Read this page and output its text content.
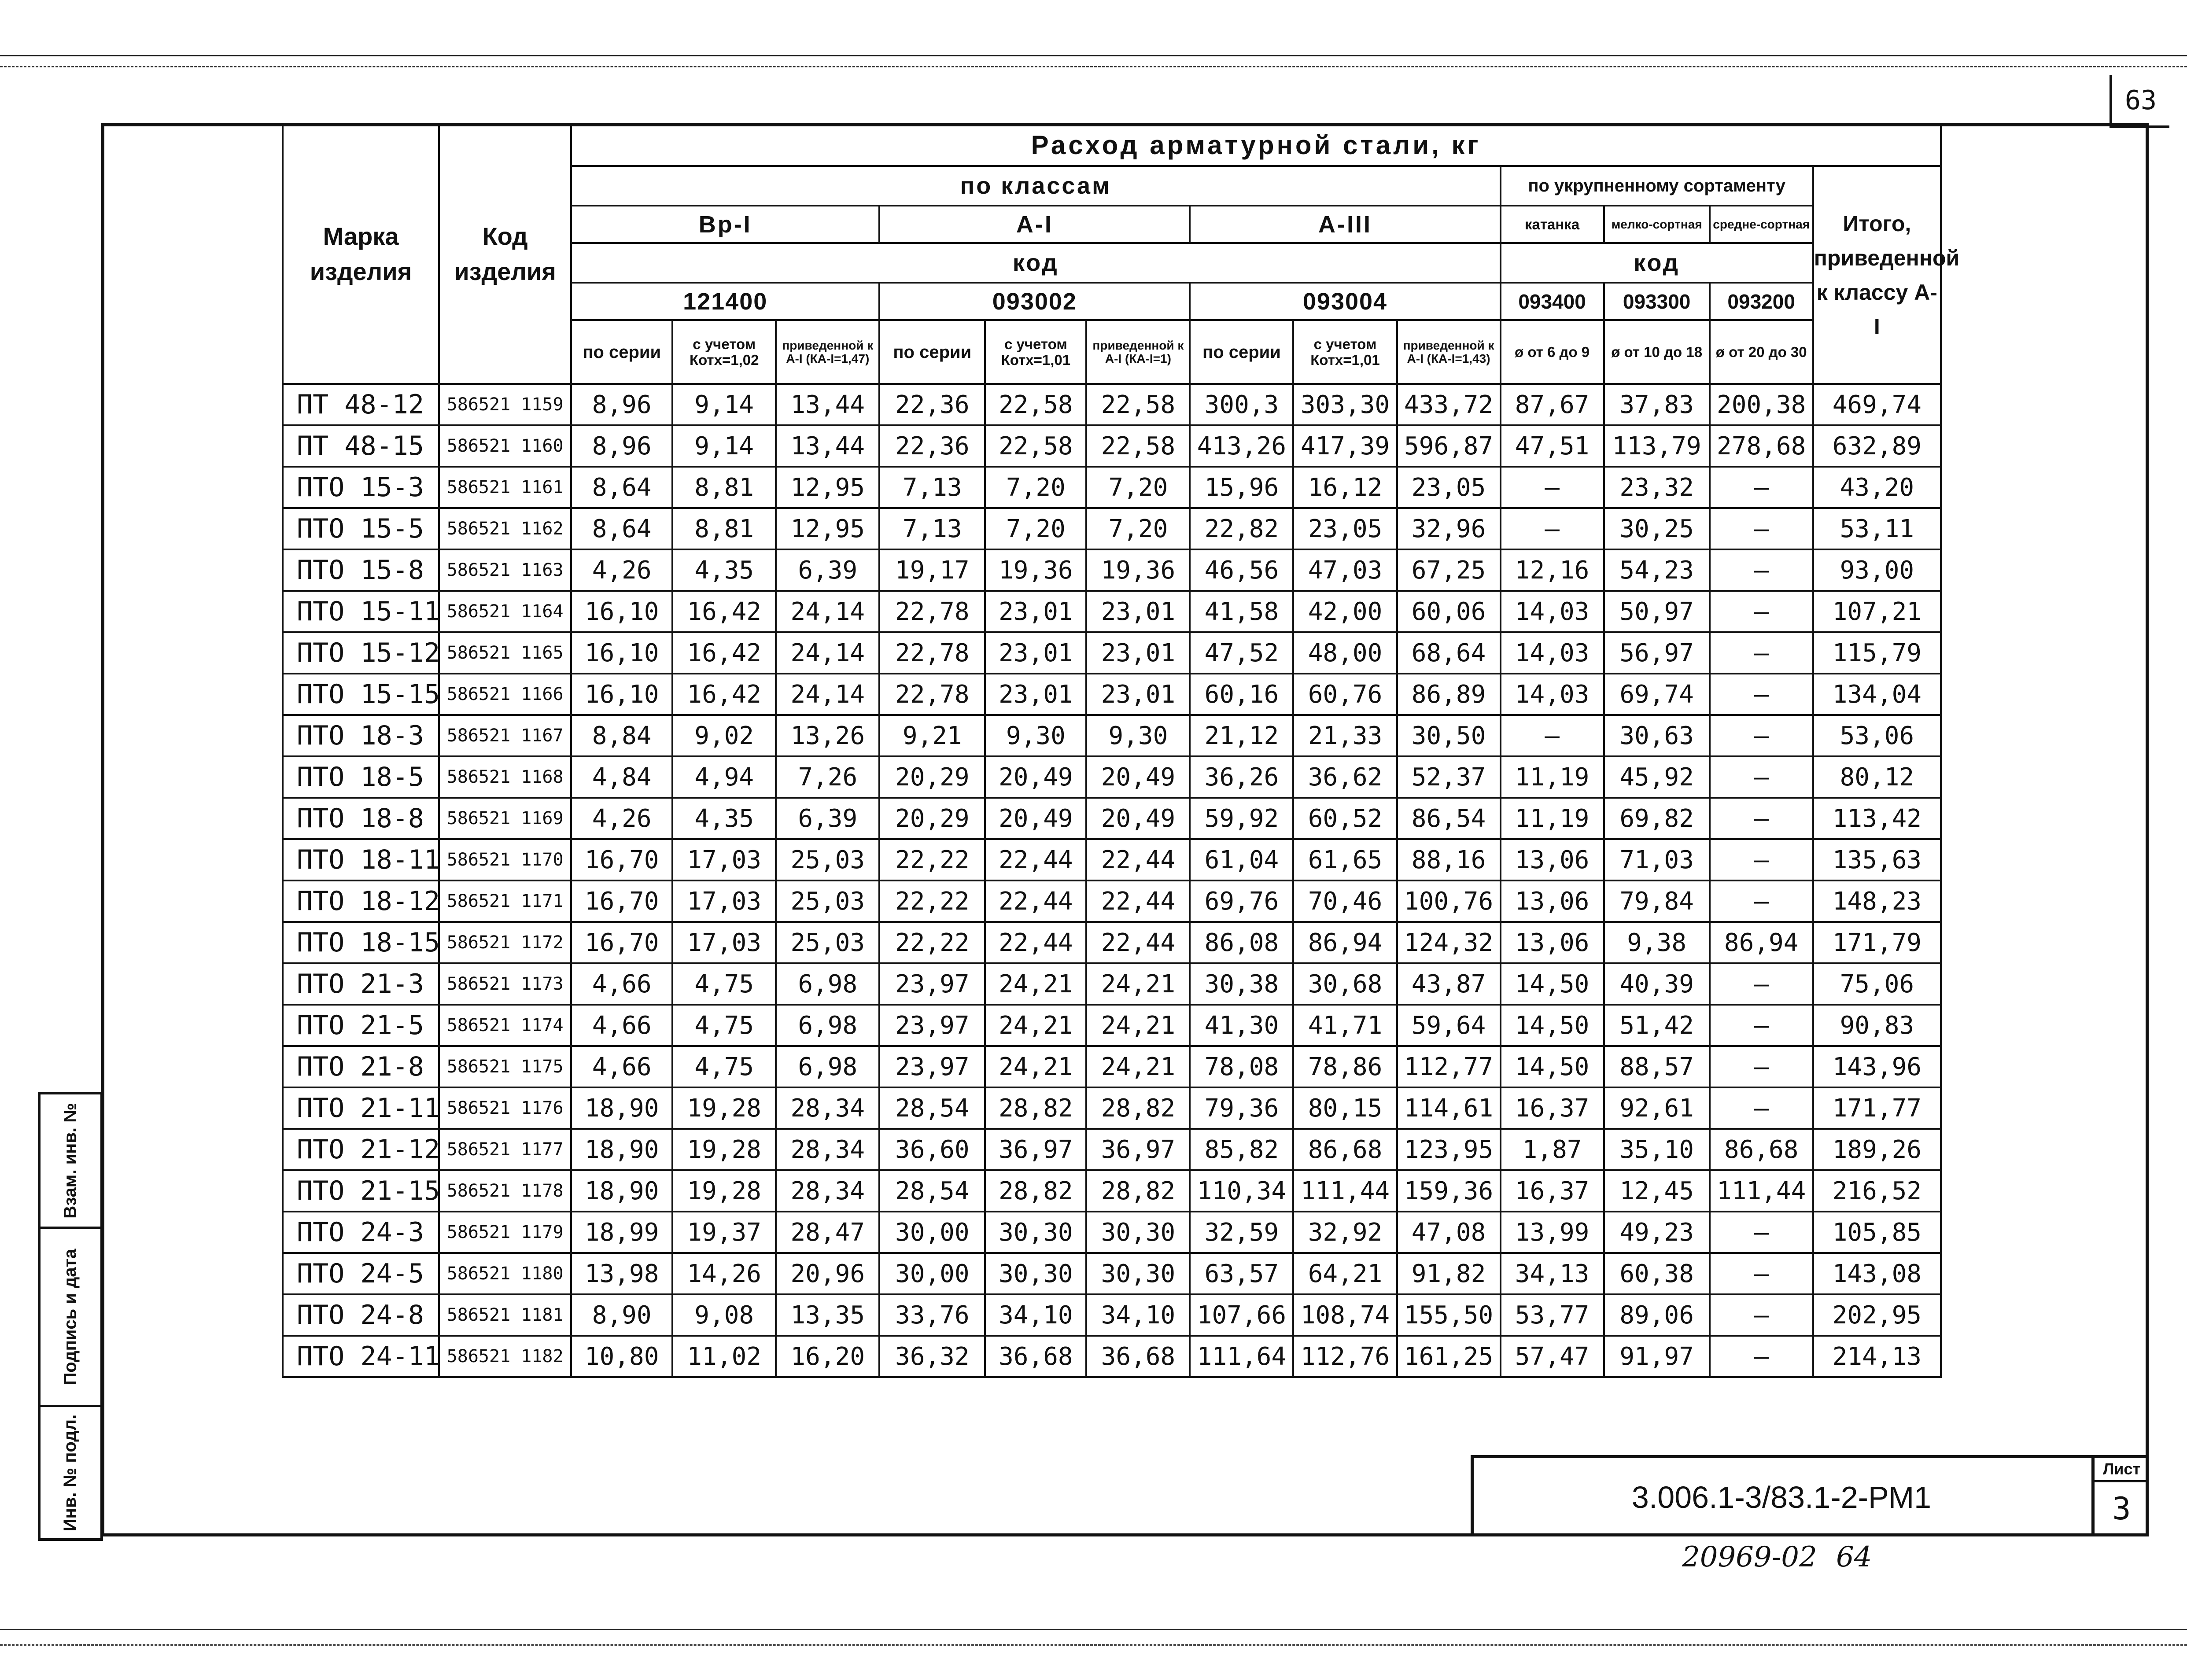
63
Взам. инв. №
Подпись и дата
Инв. № подл.
Марка изделия	Код изделия	Расход арматурной стали, кг												
		по классам									по укрупненному сортаменту			Итого, приведенной к классу А-I
		Вр-I			А-I			А-III			катанка	мелко-сортная	средне-сортная	
		код									код			
		121400			093002			093004			093400	093300	093200	
		по серии	с учетом Котх=1,02	приведенной к А-I (КА-I=1,47)	по серии	с учетом Котх=1,01	приведенной к А-I (КА-I=1)	по серии	с учетом Котх=1,01	приведенной к А-I (КА-I=1,43)	ø от 6 до 9	ø от 10 до 18	ø от 20 до 30	
ПТ 48-12	586521 1159	8,96	9,14	13,44	22,36	22,58	22,58	300,3	303,30	433,72	87,67	37,83	200,38	469,74
ПТ 48-15	586521 1160	8,96	9,14	13,44	22,36	22,58	22,58	413,26	417,39	596,87	47,51	113,79	278,68	632,89
ПТО 15-3	586521 1161	8,64	8,81	12,95	7,13	7,20	7,20	15,96	16,12	23,05	—	23,32	—	43,20
ПТО 15-5	586521 1162	8,64	8,81	12,95	7,13	7,20	7,20	22,82	23,05	32,96	—	30,25	—	53,11
ПТО 15-8	586521 1163	4,26	4,35	6,39	19,17	19,36	19,36	46,56	47,03	67,25	12,16	54,23	—	93,00
ПТО 15-11	586521 1164	16,10	16,42	24,14	22,78	23,01	23,01	41,58	42,00	60,06	14,03	50,97	—	107,21
ПТО 15-12	586521 1165	16,10	16,42	24,14	22,78	23,01	23,01	47,52	48,00	68,64	14,03	56,97	—	115,79
ПТО 15-15	586521 1166	16,10	16,42	24,14	22,78	23,01	23,01	60,16	60,76	86,89	14,03	69,74	—	134,04
ПТО 18-3	586521 1167	8,84	9,02	13,26	9,21	9,30	9,30	21,12	21,33	30,50	—	30,63	—	53,06
ПТО 18-5	586521 1168	4,84	4,94	7,26	20,29	20,49	20,49	36,26	36,62	52,37	11,19	45,92	—	80,12
ПТО 18-8	586521 1169	4,26	4,35	6,39	20,29	20,49	20,49	59,92	60,52	86,54	11,19	69,82	—	113,42
ПТО 18-11	586521 1170	16,70	17,03	25,03	22,22	22,44	22,44	61,04	61,65	88,16	13,06	71,03	—	135,63
ПТО 18-12	586521 1171	16,70	17,03	25,03	22,22	22,44	22,44	69,76	70,46	100,76	13,06	79,84	—	148,23
ПТО 18-15	586521 1172	16,70	17,03	25,03	22,22	22,44	22,44	86,08	86,94	124,32	13,06	9,38	86,94	171,79
ПТО 21-3	586521 1173	4,66	4,75	6,98	23,97	24,21	24,21	30,38	30,68	43,87	14,50	40,39	—	75,06
ПТО 21-5	586521 1174	4,66	4,75	6,98	23,97	24,21	24,21	41,30	41,71	59,64	14,50	51,42	—	90,83
ПТО 21-8	586521 1175	4,66	4,75	6,98	23,97	24,21	24,21	78,08	78,86	112,77	14,50	88,57	—	143,96
ПТО 21-11	586521 1176	18,90	19,28	28,34	28,54	28,82	28,82	79,36	80,15	114,61	16,37	92,61	—	171,77
ПТО 21-12	586521 1177	18,90	19,28	28,34	36,60	36,97	36,97	85,82	86,68	123,95	1,87	35,10	86,68	189,26
ПТО 21-15	586521 1178	18,90	19,28	28,34	28,54	28,82	28,82	110,34	111,44	159,36	16,37	12,45	111,44	216,52
ПТО 24-3	586521 1179	18,99	19,37	28,47	30,00	30,30	30,30	32,59	32,92	47,08	13,99	49,23	—	105,85
ПТО 24-5	586521 1180	13,98	14,26	20,96	30,00	30,30	30,30	63,57	64,21	91,82	34,13	60,38	—	143,08
ПТО 24-8	586521 1181	8,90	9,08	13,35	33,76	34,10	34,10	107,66	108,74	155,50	53,77	89,06	—	202,95
ПТО 24-11	586521 1182	10,80	11,02	16,20	36,32	36,68	36,68	111,64	112,76	161,25	57,47	91,97	—	214,13
3.006.1-3/83.1-2-РМ1
Лист
3
20969-02 64
